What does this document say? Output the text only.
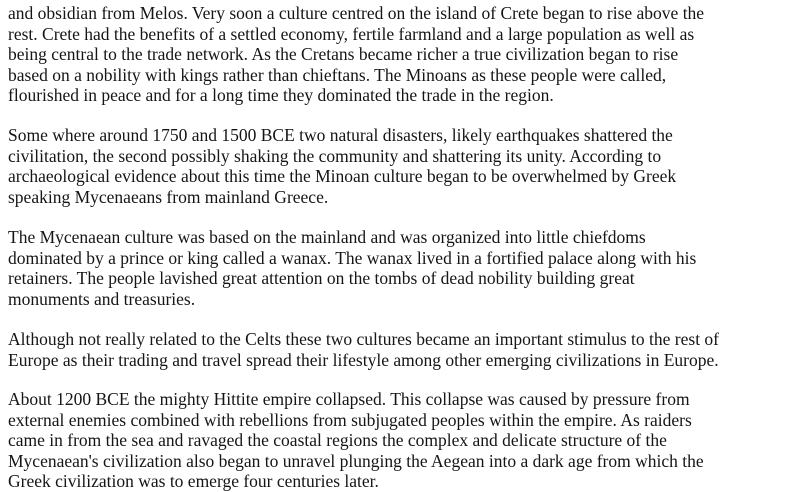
and obsidian from Melos. Very soon a culture centred on the island of Crete began to rise above the
rest. Crete had the benefits of a settled economy, fertile farmland and a large population as well as
being central to the trade network. As the Cretans became richer a true civilization began to rise
based on a nobility with kings rather than chieftans. The Minoans as these people were called,
flourished in peace and for a long time they dominated the trade in the region.

Some where around 1750 and 1500 BCE two natural disasters, likely earthquakes shattered the
civilitation, the second possibly shaking the community and shattering its unity. According to
archaeological evidence about this time the Minoan culture began to be overwhelmed by Greek
speaking Mycenaeans from mainland Greece.

The Mycenaean culture was based on the mainland and was organized into little chiefdoms
dominated by a prince or king called a wanax. The wanax lived in a fortified palace along with his
retainers. The people lavished great attention on the tombs of dead nobility building great
monuments and treasuries.

Although not really related to the Celts these two cultures became an important stimulus to the rest of
Europe as their trading and travel spread their lifestyle among other emerging civilizations in Europe.

About 1200 BCE the mighty Hittite empire collapsed. This collapse was caused by pressure from
external enemies combined with rebellions from subjugated peoples within the empire. As raiders
came in from the sea and ravaged the coastal regions the complex and delicate structure of the
Mycenaean's civilization also began to unravel plunging the Aegean into a dark age from which the
Greek civilization was to emerge four centuries later.
